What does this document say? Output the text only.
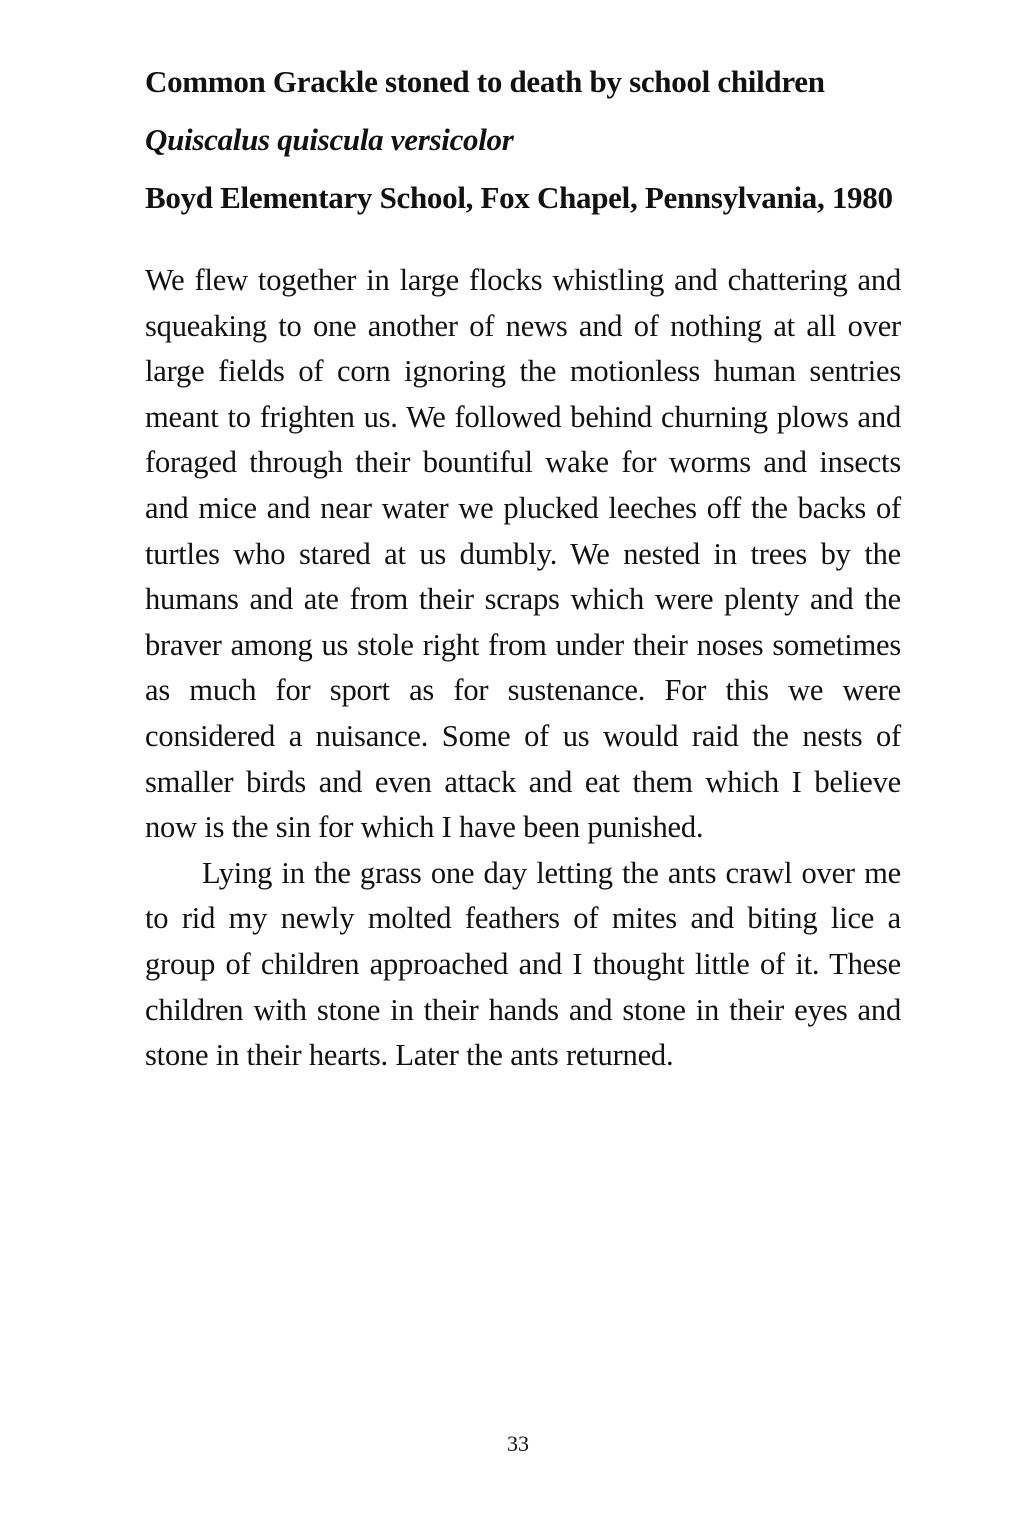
Common Grackle stoned to death by school children
Quiscalus quiscula versicolor
Boyd Elementary School, Fox Chapel, Pennsylvania, 1980

We flew together in large flocks whistling and chattering and squeaking to one another of news and of nothing at all over large fields of corn ignoring the motionless human sentries meant to frighten us. We followed behind churning plows and foraged through their bountiful wake for worms and insects and mice and near water we plucked leeches off the backs of turtles who stared at us dumbly. We nested in trees by the humans and ate from their scraps which were plenty and the braver among us stole right from under their noses sometimes as much for sport as for sustenance. For this we were considered a nuisance. Some of us would raid the nests of smaller birds and even attack and eat them which I believe now is the sin for which I have been punished.

Lying in the grass one day letting the ants crawl over me to rid my newly molted feathers of mites and biting lice a group of children approached and I thought little of it. These children with stone in their hands and stone in their eyes and stone in their hearts. Later the ants returned.

33
